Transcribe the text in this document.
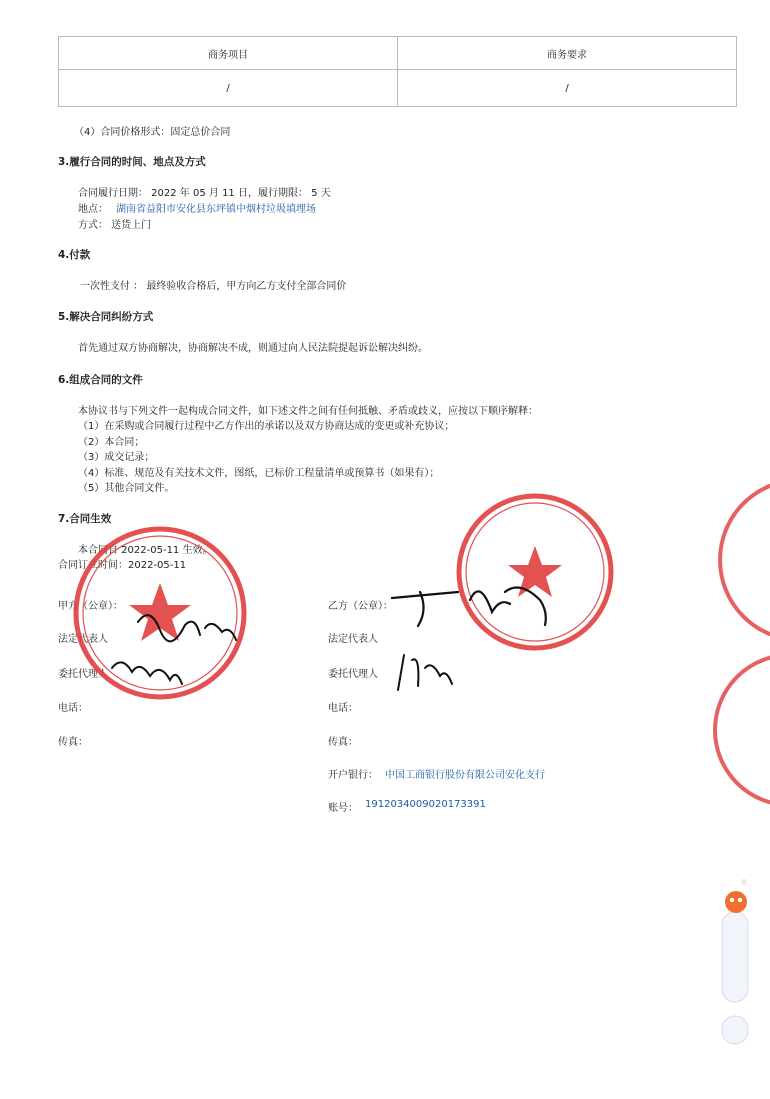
商务项目	商务要求
/	/
（4）合同价格形式：固定总价合同
3.履行合同的时间、地点及方式
合同履行日期： 2022 年 05 月 11 日，履行期限： 5 天
地点： 湖南省益阳市安化县东坪镇中烟村垃圾填埋场
方式： 送货上门
4.付款
一次性支付 ： 最终验收合格后，甲方向乙方支付全部合同价
5.解决合同纠纷方式
首先通过双方协商解决，协商解决不成，则通过向人民法院提起诉讼解决纠纷。
6.组成合同的文件
本协议书与下列文件一起构成合同文件，如下述文件之间有任何抵触、矛盾或歧义，应按以下顺序解释：
（1）在采购或合同履行过程中乙方作出的承诺以及双方协商达成的变更或补充协议；
（2）本合同；
（3）成交记录；
（4）标准、规范及有关技术文件，图纸，已标价工程量清单或预算书（如果有）；
（5）其他合同文件。
7.合同生效
本合同自 2022-05-11 生效。
合同订立时间：2022-05-11
甲方（公章）：
法定代表人
委托代理人
电话：
传真：
乙方（公章）：
法定代表人
委托代理人
电话：
传真：
开户银行： 中国工商银行股份有限公司安化支行
账号： 1912034009020173391
